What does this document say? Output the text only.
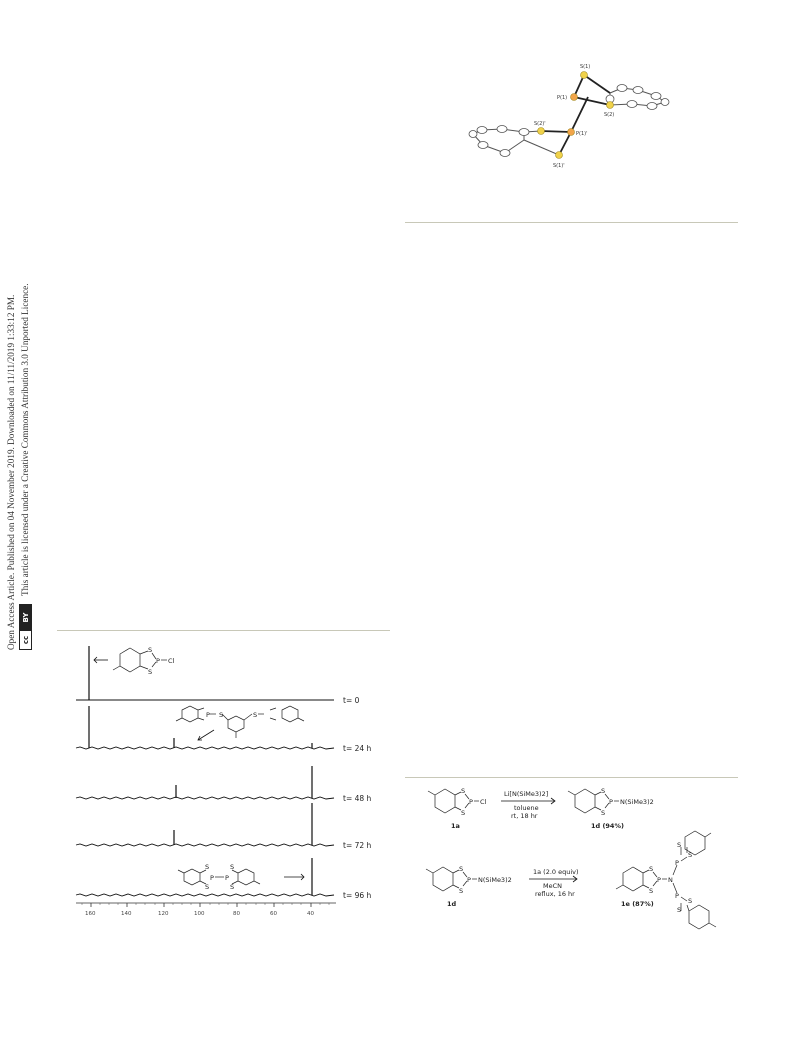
Open Access Article. Published on 04 November 2019. Downloaded on 11/11/2019 1:33:12 PM. cc
BY
This article is licensed under a Creative Commons Attribution 3.0 Unported Licence.
S(1)
P(1)
S(2)
S(2)'
P(1)'
S(1)'
160	140	120	100	80	60	40
t= 0
t= 24 h
t= 48 h
t= 72 h
t= 96 h
S
P Cl
S
S
P	S
S
S
P P
S
S
S
P
S
Cl
1a
Li[N(SiMe3)2]
toluene
rt, 18 hr
S
P
S
N(SiMe3)2
1d (94%)
S
P
S
N(SiMe3)2
1d
1a (2.0 equiv)
MeCN
reflux, 16 hr
S
P
S
N
P
S
S
P
S
S
1e (87%)
